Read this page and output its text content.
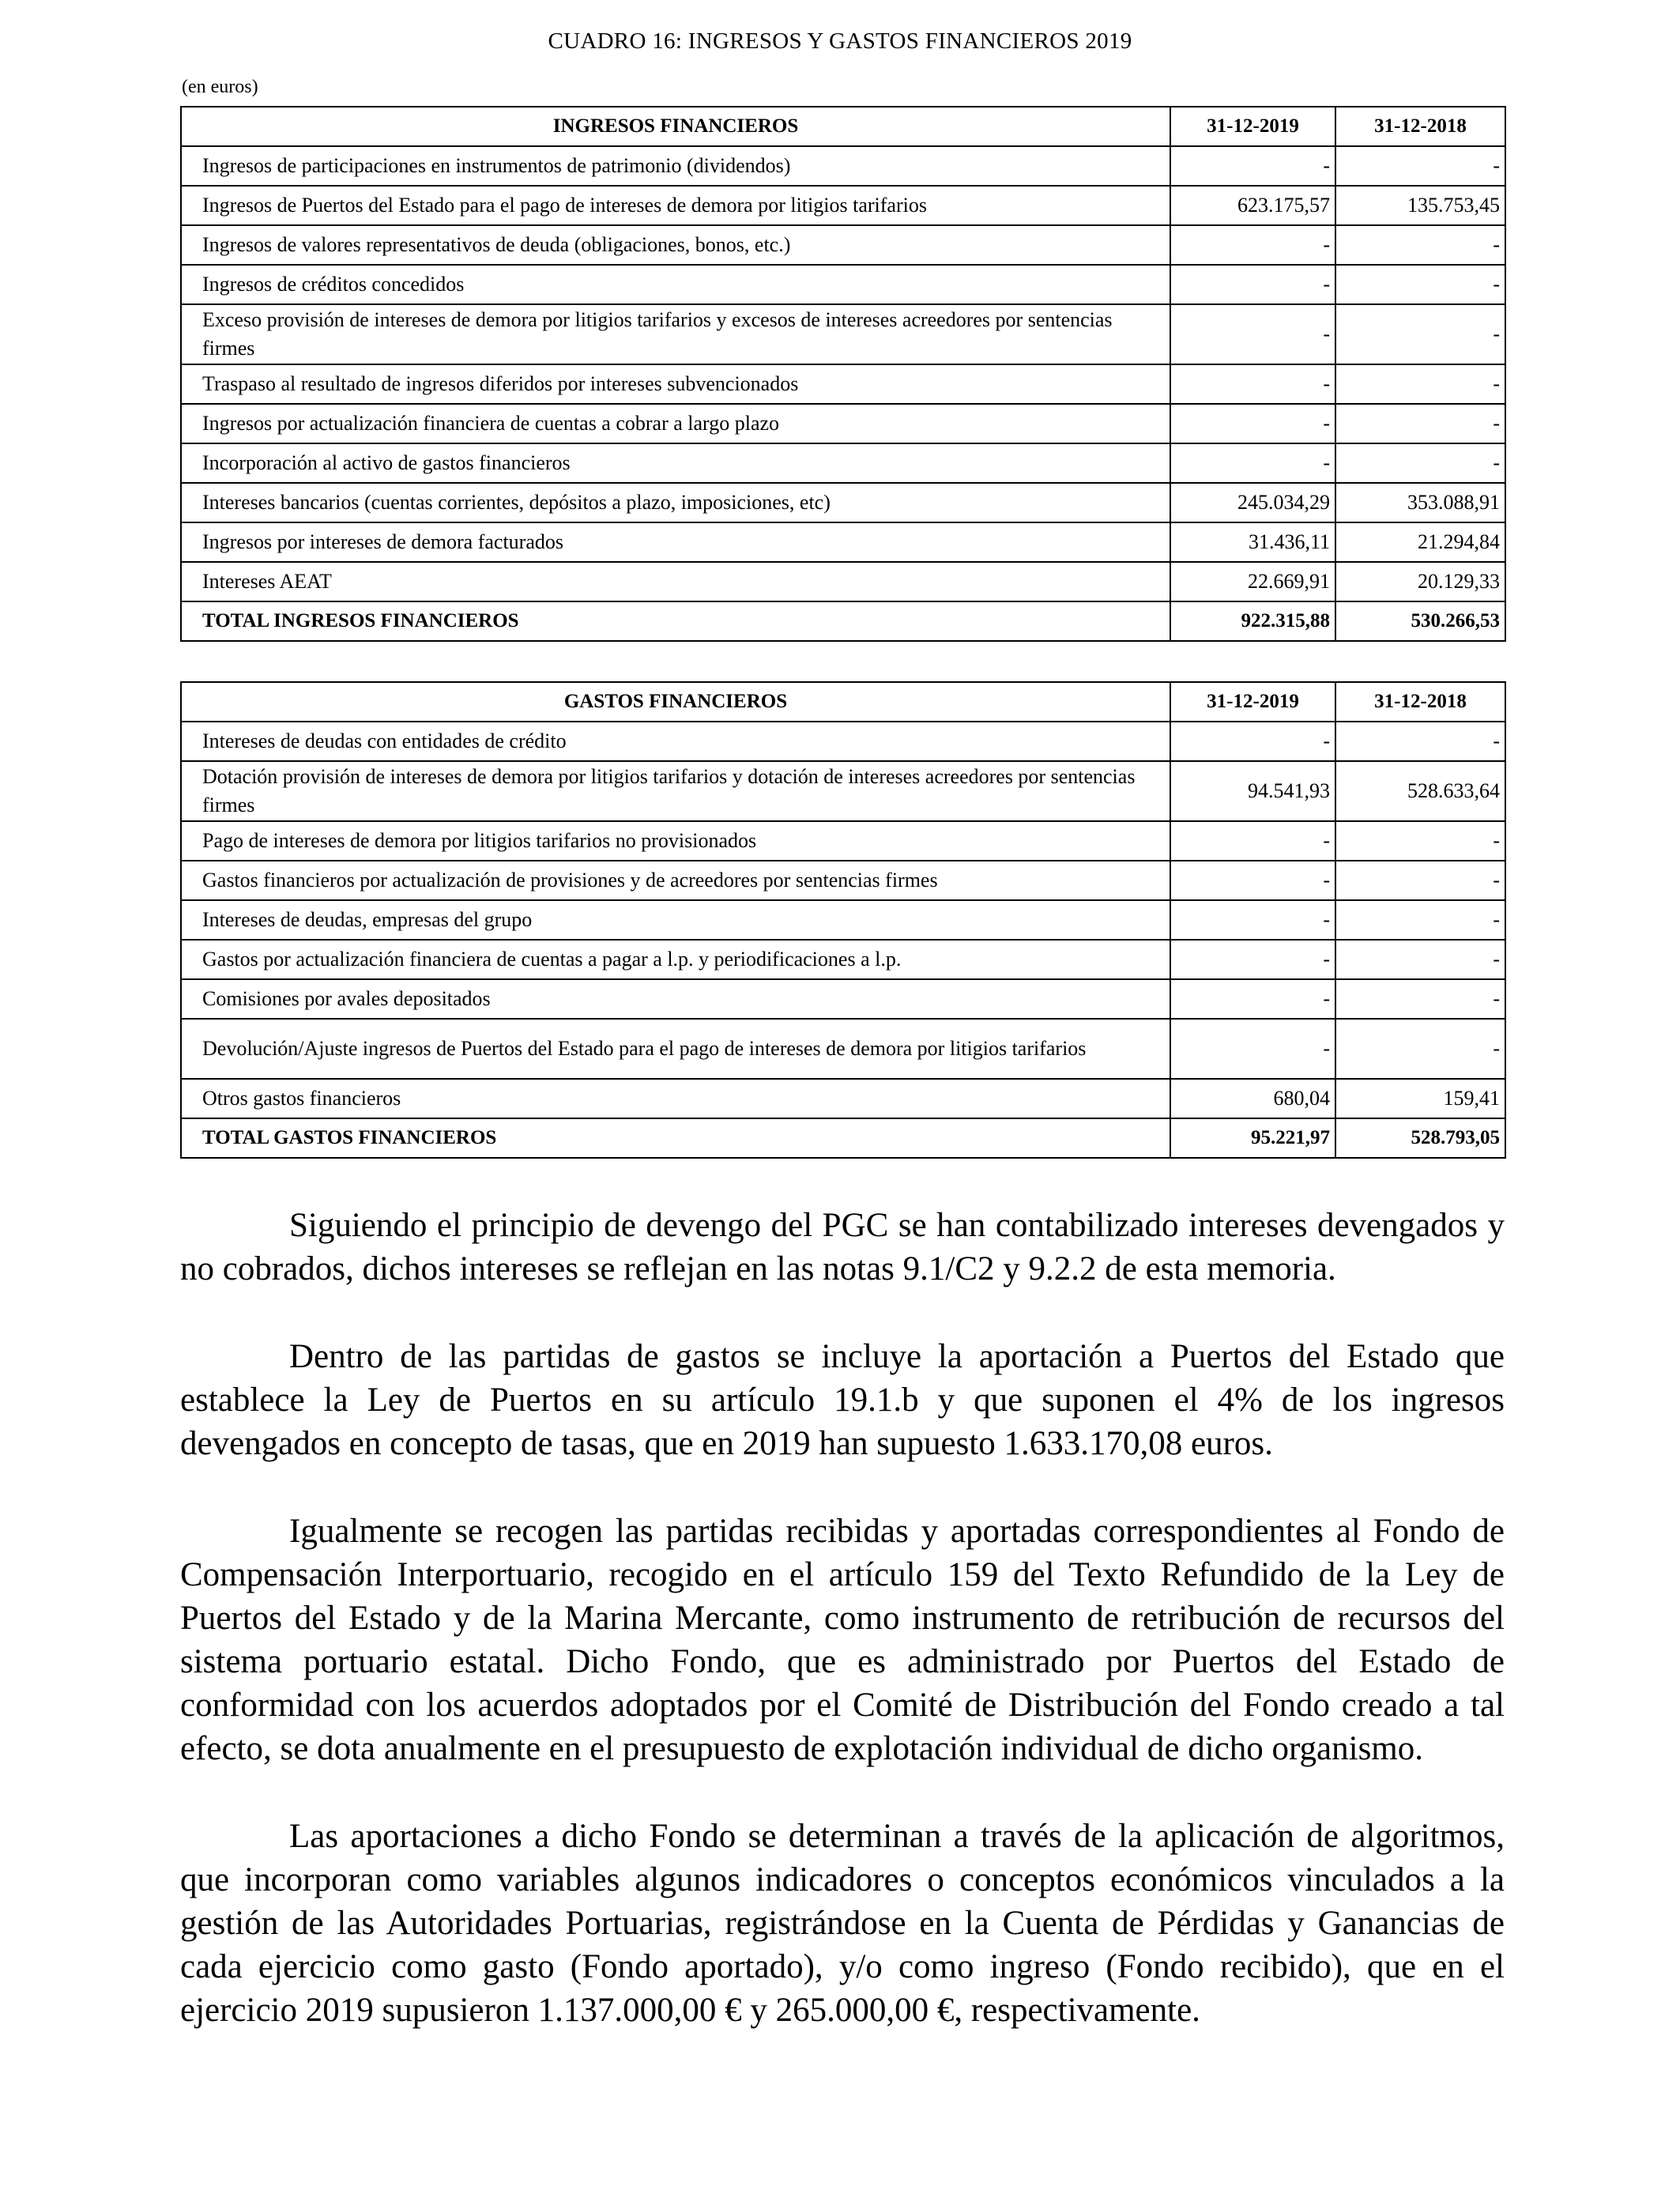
CUADRO 16: INGRESOS Y GASTOS FINANCIEROS 2019
(en euros)
INGRESOS FINANCIEROS	31-12-2019	31-12-2018
Ingresos de participaciones en instrumentos de patrimonio (dividendos)	-	-
Ingresos de Puertos del Estado para el pago de intereses de demora por litigios tarifarios	623.175,57	135.753,45
Ingresos de valores representativos de deuda (obligaciones, bonos, etc.)	-	-
Ingresos de créditos concedidos	-	-
Exceso provisión de intereses de demora por litigios tarifarios y excesos de intereses acreedores por sentencias firmes	-	-
Traspaso al resultado de ingresos diferidos por intereses subvencionados	-	-
Ingresos por actualización financiera de cuentas a cobrar a largo plazo	-	-
Incorporación al activo de gastos financieros	-	-
Intereses bancarios (cuentas corrientes, depósitos a plazo, imposiciones, etc)	245.034,29	353.088,91
Ingresos por intereses de demora facturados	31.436,11	21.294,84
Intereses AEAT	22.669,91	20.129,33
TOTAL INGRESOS FINANCIEROS	922.315,88	530.266,53
GASTOS FINANCIEROS	31-12-2019	31-12-2018
Intereses de deudas con entidades de crédito	-	-
Dotación provisión de intereses de demora por litigios tarifarios y dotación de intereses acreedores por sentencias firmes	94.541,93	528.633,64
Pago de intereses de demora por litigios tarifarios no provisionados	-	-
Gastos financieros por actualización de provisiones y de acreedores por sentencias firmes	-	-
Intereses de deudas, empresas del grupo	-	-
Gastos por actualización financiera de cuentas a pagar a l.p. y periodificaciones a l.p.	-	-
Comisiones por avales depositados	-	-
Devolución/Ajuste ingresos de Puertos del Estado para el pago de intereses de demora por litigios tarifarios	-	-
Otros gastos financieros	680,04	159,41
TOTAL GASTOS FINANCIEROS	95.221,97	528.793,05

Siguiendo el principio de devengo del PGC se han contabilizado intereses devengados y no cobrados, dichos intereses se reflejan en las notas 9.1/C2 y 9.2.2 de esta memoria.

Dentro de las partidas de gastos se incluye la aportación a Puertos del Estado que establece la Ley de Puertos en su artículo 19.1.b y que suponen el 4% de los ingresos devengados en concepto de tasas, que en 2019 han supuesto 1.633.170,08 euros.

Igualmente se recogen las partidas recibidas y aportadas correspondientes al Fondo de Compensación Interportuario, recogido en el artículo 159 del Texto Refundido de la Ley de Puertos del Estado y de la Marina Mercante, como instrumento de retribución de recursos del sistema portuario estatal. Dicho Fondo, que es administrado por Puertos del Estado de conformidad con los acuerdos adoptados por el Comité de Distribución del Fondo creado a tal efecto, se dota anualmente en el presupuesto de explotación individual de dicho organismo.

Las aportaciones a dicho Fondo se determinan a través de la aplicación de algoritmos, que incorporan como variables algunos indicadores o conceptos económicos vinculados a la gestión de las Autoridades Portuarias, registrándose en la Cuenta de Pérdidas y Ganancias de cada ejercicio como gasto (Fondo aportado), y/o como ingreso (Fondo recibido), que en el ejercicio 2019 supusieron 1.137.000,00 € y 265.000,00 €, respectivamente.
